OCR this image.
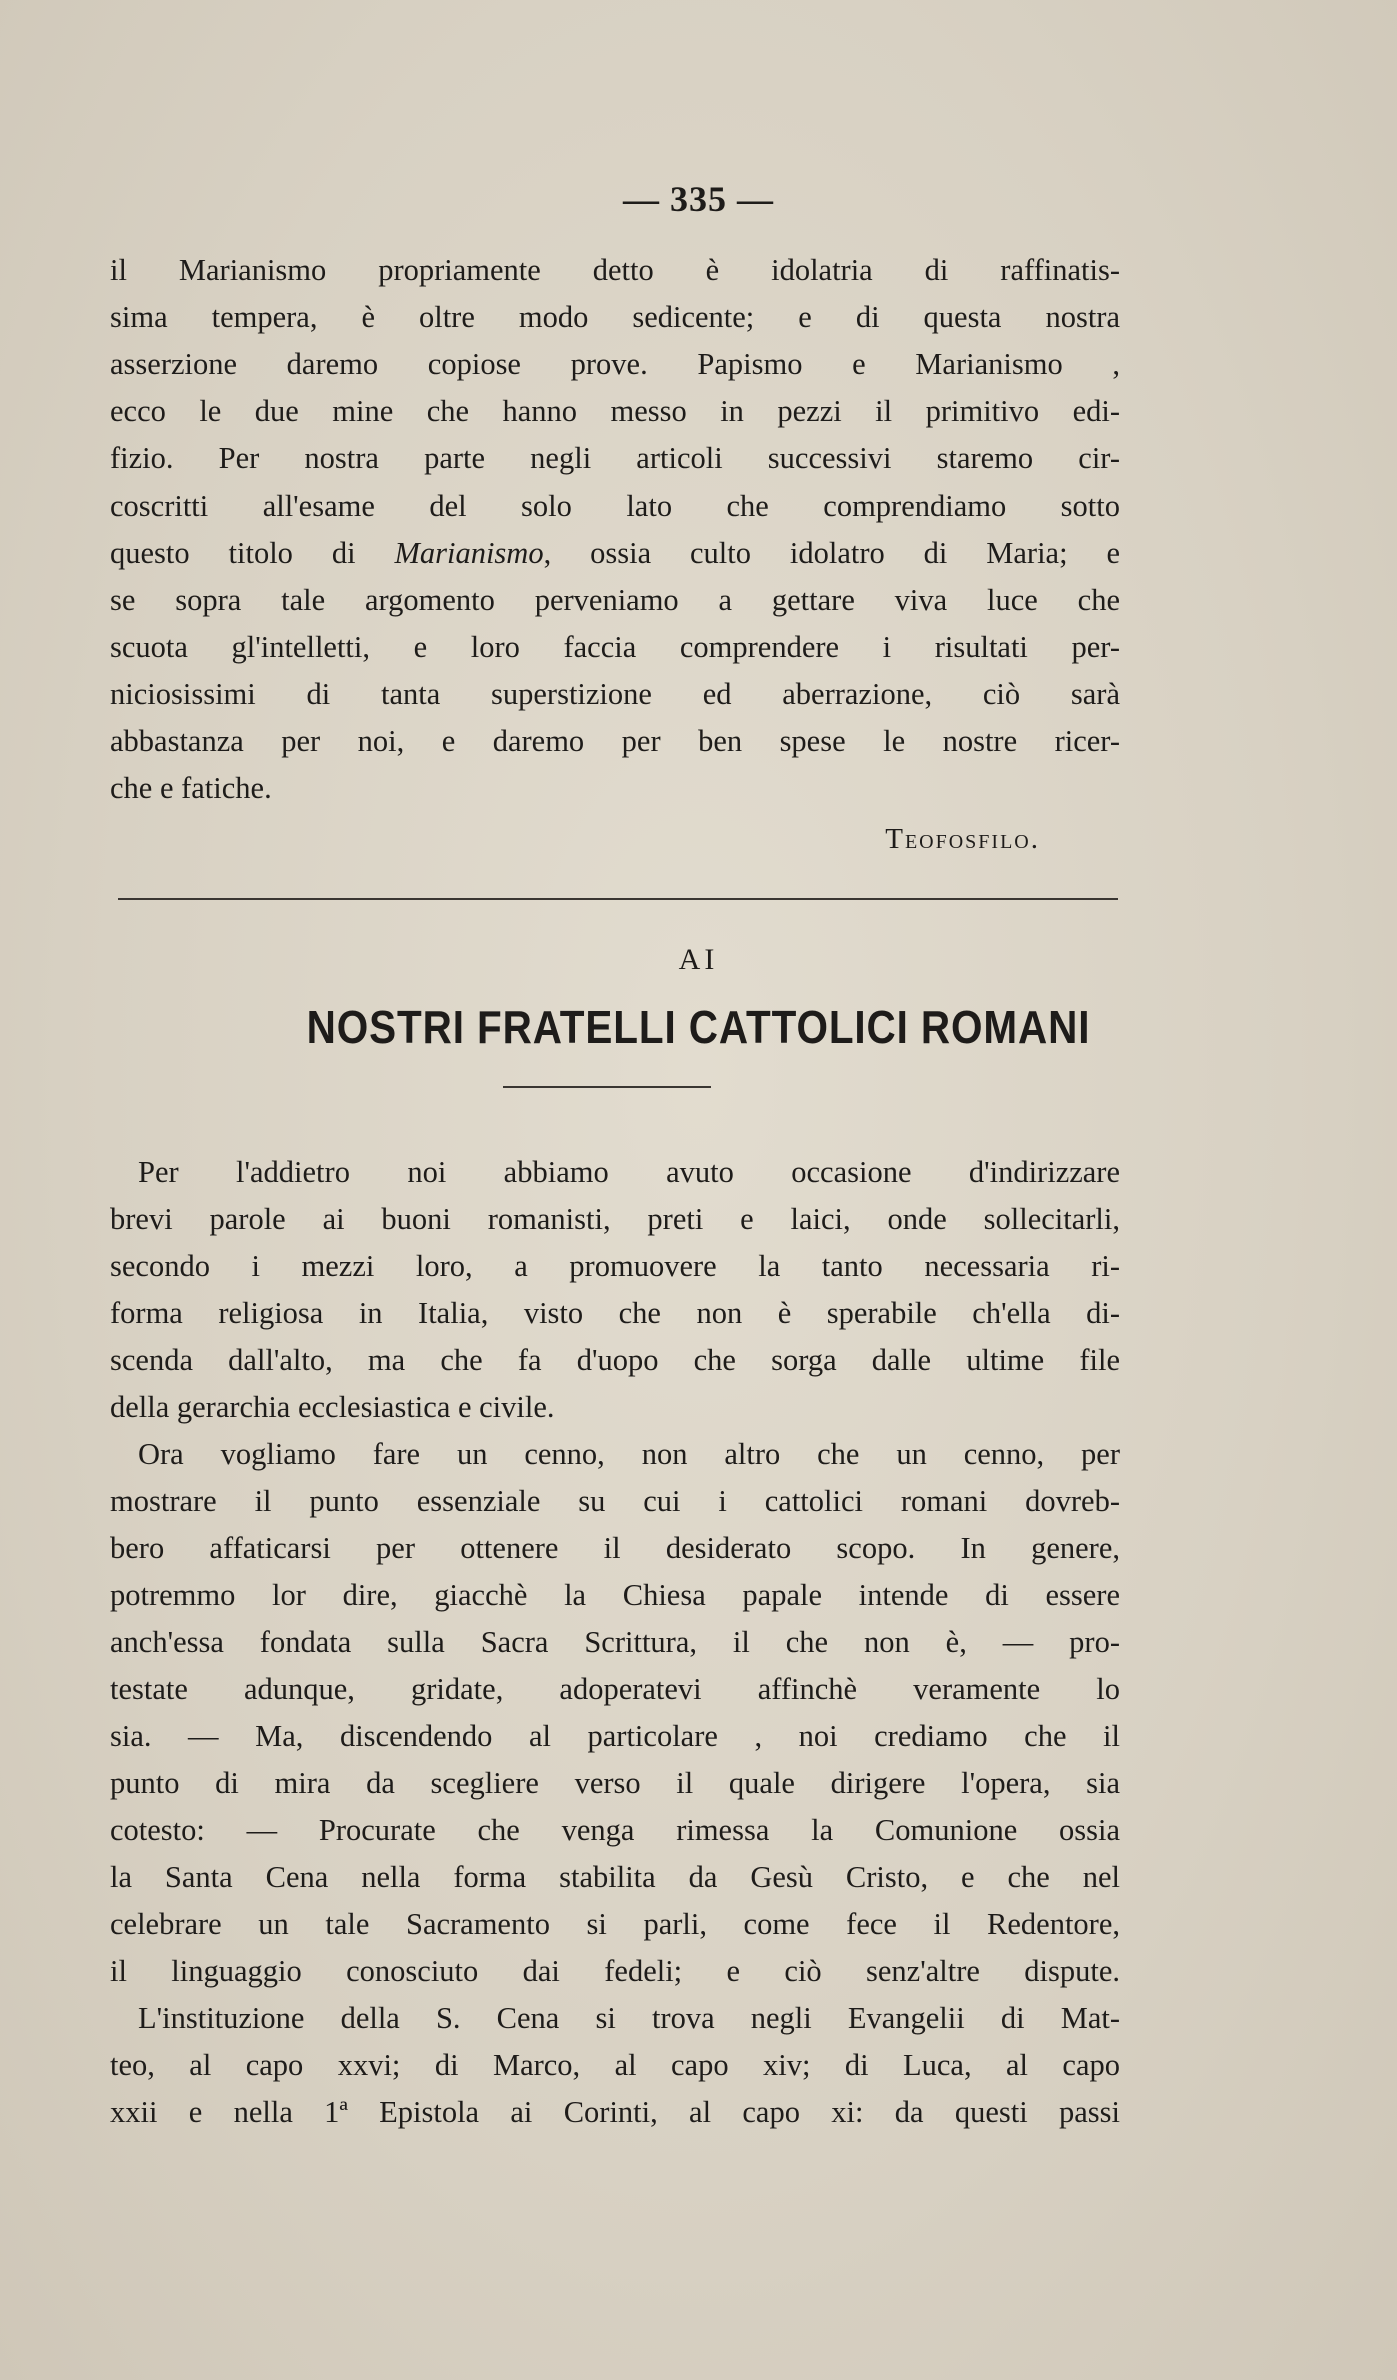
— 335 —
il Marianismo propriamente detto è idolatria di raffinatis-
sima tempera, è oltre modo sedicente; e di questa nostra
asserzione daremo copiose prove. Papismo e Marianismo ,
ecco le due mine che hanno messo in pezzi il primitivo edi-
fizio. Per nostra parte negli articoli successivi staremo cir-
coscritti all'esame del solo lato che comprendiamo sotto
questo titolo di Marianismo, ossia culto idolatro di Maria; e
se sopra tale argomento perveniamo a gettare viva luce che
scuota gl'intelletti, e loro faccia comprendere i risultati per-
niciosissimi di tanta superstizione ed aberrazione, ciò sarà
abbastanza per noi, e daremo per ben spese le nostre ricer-
che e fatiche.
Teofosfilo.
AI
NOSTRI FRATELLI CATTOLICI ROMANI
Per l'addietro noi abbiamo avuto occasione d'indirizzare
brevi parole ai buoni romanisti, preti e laici, onde sollecitarli,
secondo i mezzi loro, a promuovere la tanto necessaria ri-
forma religiosa in Italia, visto che non è sperabile ch'ella di-
scenda dall'alto, ma che fa d'uopo che sorga dalle ultime file
della gerarchia ecclesiastica e civile.
Ora vogliamo fare un cenno, non altro che un cenno, per
mostrare il punto essenziale su cui i cattolici romani dovreb-
bero affaticarsi per ottenere il desiderato scopo. In genere,
potremmo lor dire, giacchè la Chiesa papale intende di essere
anch'essa fondata sulla Sacra Scrittura, il che non è, — pro-
testate adunque, gridate, adoperatevi affinchè veramente lo
sia. — Ma, discendendo al particolare , noi crediamo che il
punto di mira da scegliere verso il quale dirigere l'opera, sia
cotesto: — Procurate che venga rimessa la Comunione ossia
la Santa Cena nella forma stabilita da Gesù Cristo, e che nel
celebrare un tale Sacramento si parli, come fece il Redentore,
il linguaggio conosciuto dai fedeli; e ciò senz'altre dispute.
L'instituzione della S. Cena si trova negli Evangelii di Mat-
teo, al capo xxvi; di Marco, al capo xiv; di Luca, al capo
xxii e nella 1ª Epistola ai Corinti, al capo xi: da questi passi
